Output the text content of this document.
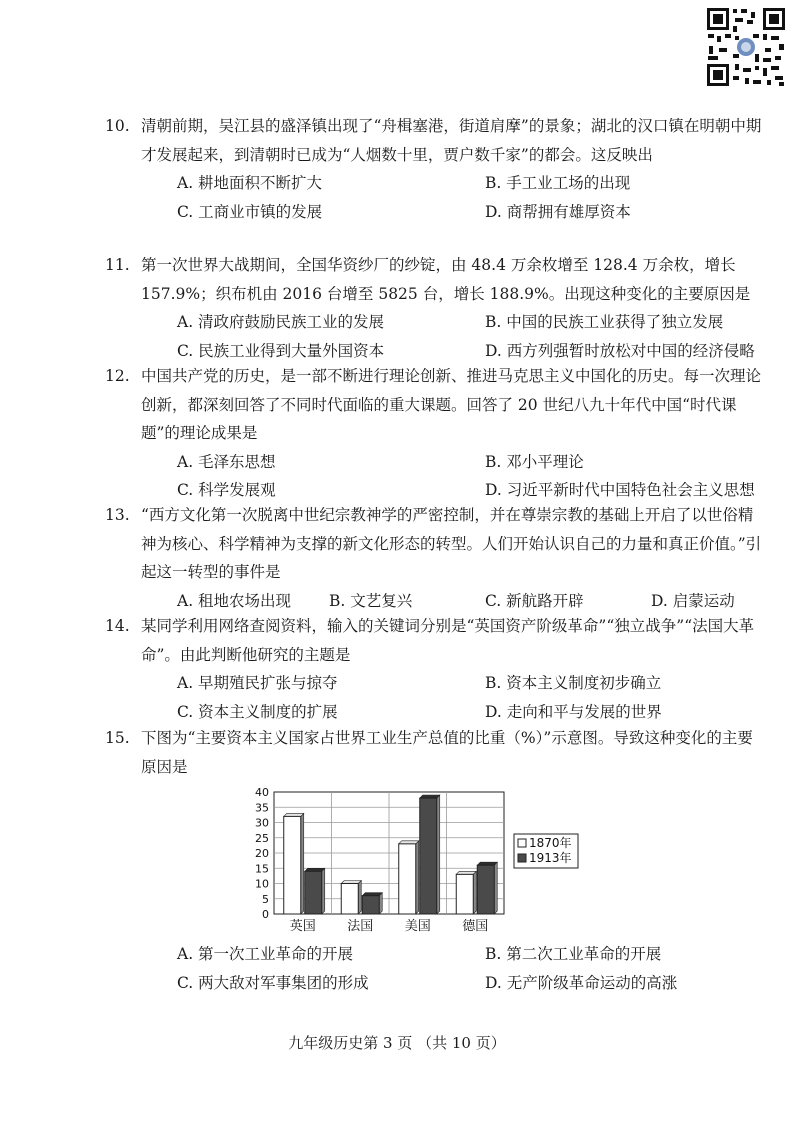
10. 清朝前期，吴江县的盛泽镇出现了“舟楫塞港，街道肩摩”的景象；湖北的汉口镇在明朝中期才发展起来，到清朝时已成为“人烟数十里，贾户数千家”的都会。这反映出
A. 耕地面积不断扩大	B. 手工业工场的出现
C. 工商业市镇的发展	D. 商帮拥有雄厚资本
11. 第一次世界大战期间，全国华资纱厂的纱锭，由 48.4 万余枚增至 128.4 万余枚，增长 157.9%；织布机由 2016 台增至 5825 台，增长 188.9%。出现这种变化的主要原因是
A. 清政府鼓励民族工业的发展	B. 中国的民族工业获得了独立发展
C. 民族工业得到大量外国资本	D. 西方列强暂时放松对中国的经济侵略
12. 中国共产党的历史，是一部不断进行理论创新、推进马克思主义中国化的历史。每一次理论创新，都深刻回答了不同时代面临的重大课题。回答了 20 世纪八九十年代中国“时代课题”的理论成果是
A. 毛泽东思想	B. 邓小平理论
C. 科学发展观	D. 习近平新时代中国特色社会主义思想
13. “西方文化第一次脱离中世纪宗教神学的严密控制，并在尊崇宗教的基础上开启了以世俗精神为核心、科学精神为支撑的新文化形态的转型。人们开始认识自己的力量和真正价值。”引起这一转型的事件是
A. 租地农场出现 B. 文艺复兴	C. 新航路开辟	D. 启蒙运动
14. 某同学利用网络查阅资料，输入的关键词分别是“英国资产阶级革命”“独立战争”“法国大革命”。由此判断他研究的主题是
A. 早期殖民扩张与掠夺	B. 资本主义制度初步确立
C. 资本主义制度的扩展	D. 走向和平与发展的世界
15. 下图为“主要资本主义国家占世界工业生产总值的比重（%）”示意图。导致这种变化的主要原因是
0
5
10
15
20
25
30
35
40
英国 法国 美国 德国
1870年
1913年
A. 第一次工业革命的开展	B. 第二次工业革命的开展
C. 两大敌对军事集团的形成	D. 无产阶级革命运动的高涨
九年级历史第 3 页 （共 10 页）
